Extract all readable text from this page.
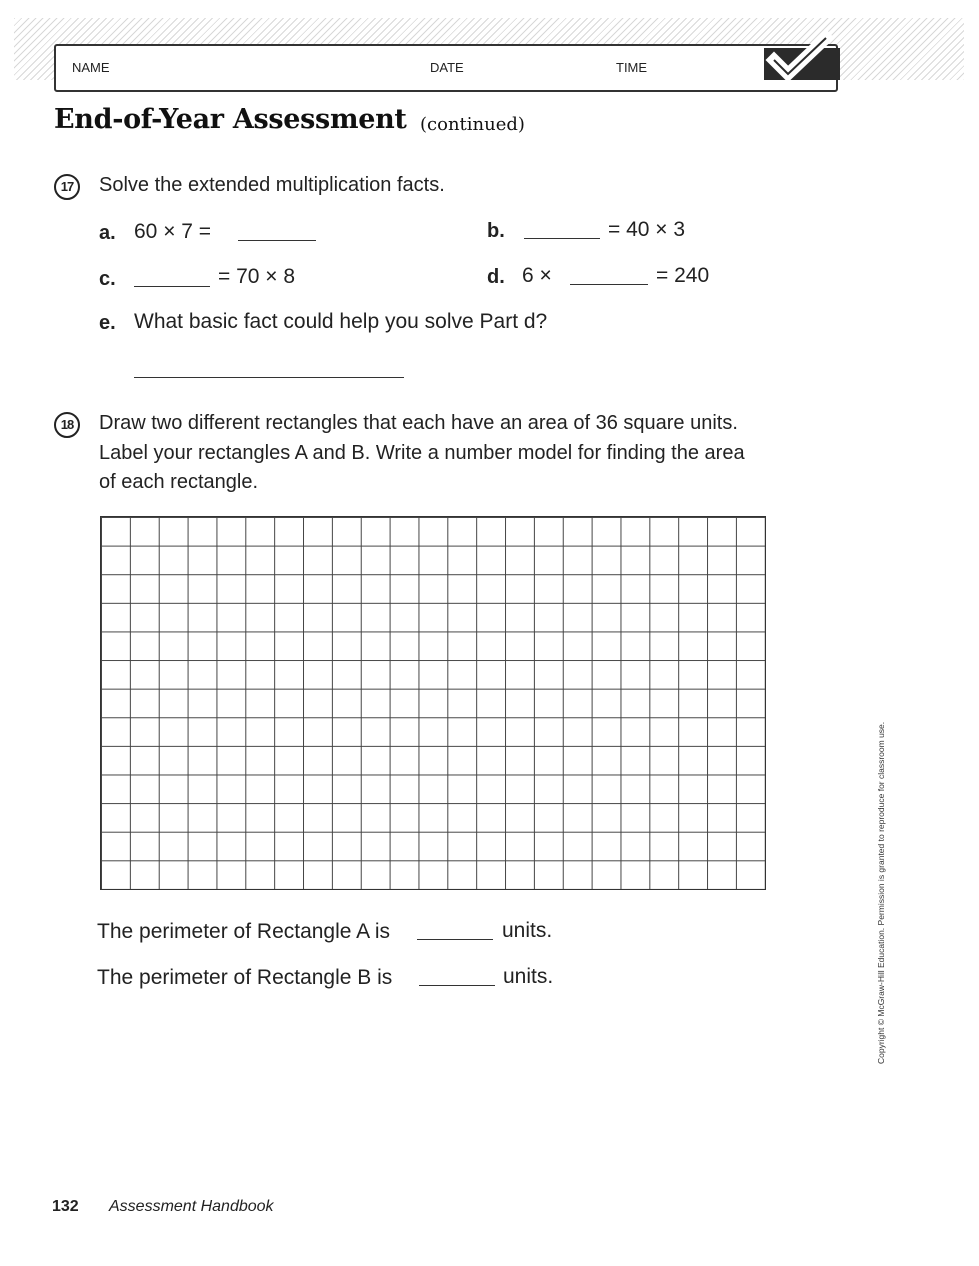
NAME	DATE	TIME
End-of-Year Assessment (continued)
17	Solve the extended multiplication facts.
a. 60 × 7 =	b.	= 40 × 3
c.	= 70 × 8	d. 6 ×	= 240
e. What basic fact could help you solve Part d?
18	Draw two different rectangles that each have an area of 36 square units.
Label your rectangles A and B. Write a number model for finding the area
of each rectangle.
The perimeter of Rectangle A is	units.
The perimeter of Rectangle B is	units.	Copyright © McGraw-Hill Education. Permission is granted to reproduce for classroom use.
132 Assessment Handbook
